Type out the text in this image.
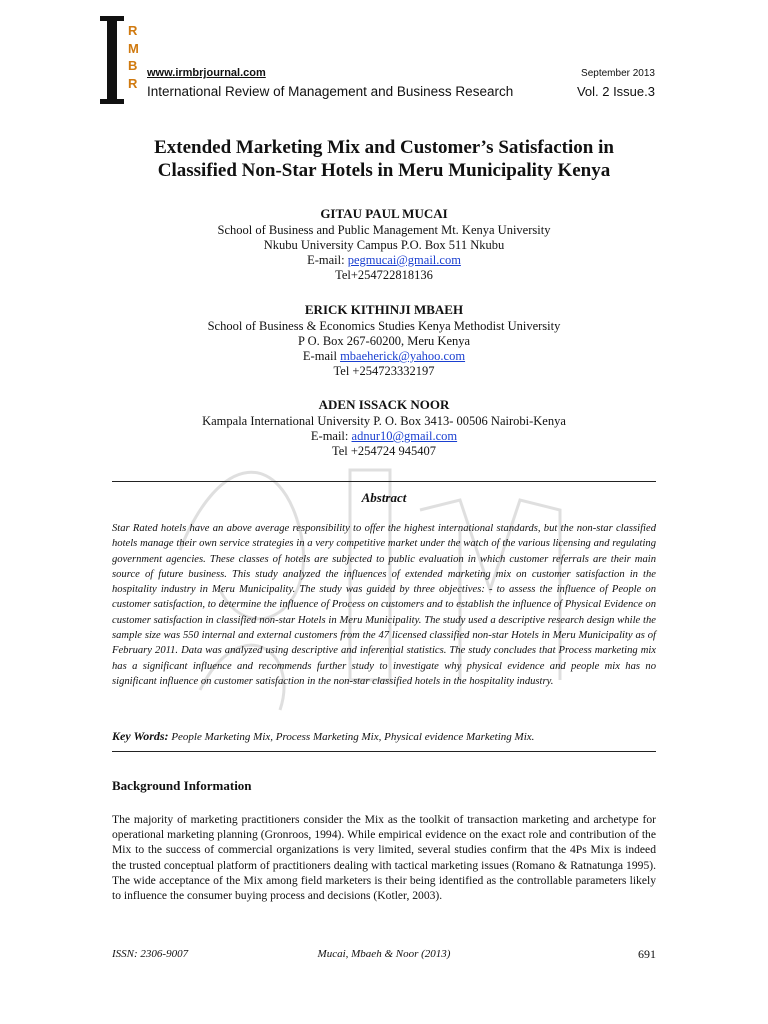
R
M
B
R
www.irmbrjournal.com
International Review of Management and Business Research
September 2013
Vol. 2 Issue.3
Extended Marketing Mix and Customer’s Satisfaction in
Classified Non-Star Hotels in Meru Municipality Kenya
GITAU PAUL MUCAI
School of Business and Public Management Mt. Kenya University
Nkubu University Campus P.O. Box 511 Nkubu
E-mail: pegmucai@gmail.com
Tel+254722818136
ERICK KITHINJI MBAEH
School of Business & Economics Studies Kenya Methodist University
P O. Box 267-60200, Meru Kenya
E-mail mbaeherick@yahoo.com
Tel +254723332197
ADEN ISSACK NOOR
Kampala International University P. O. Box 3413- 00506 Nairobi-Kenya
E-mail: adnur10@gmail.com
Tel +254724 945407
Abstract
Star Rated hotels have an above average responsibility to offer the highest international standards, but the non-star classified hotels manage their own service strategies in a very competitive market under the watch of the various licensing and regulating government agencies. These classes of hotels are subjected to public evaluation in which customer referrals are their main source of future business. This study analyzed the influences of extended marketing mix on customer satisfaction in the hospitality industry in Meru Municipality. The study was guided by three objectives: - to assess the influence of People on customer satisfaction, to determine the influence of Process on customers and to establish the influence of Physical Evidence on customer satisfaction in classified non-star Hotels in Meru Municipality. The study used a descriptive research design while the sample size was 550 internal and external customers from the 47 licensed classified non-star Hotels in Meru Municipality as of February 2011. Data was analyzed using descriptive and inferential statistics. The study concludes that Process marketing mix has a significant influence and recommends further study to investigate why physical evidence and people mix has no significant influence on customer satisfaction in the non-star classified hotels in the hospitality industry.
Key Words: People Marketing Mix, Process Marketing Mix, Physical evidence Marketing Mix.
Background Information
The majority of marketing practitioners consider the Mix as the toolkit of transaction marketing and archetype for operational marketing planning (Gronroos, 1994). While empirical evidence on the exact role and contribution of the Mix to the success of commercial organizations is very limited, several studies confirm that the 4Ps Mix is indeed the trusted conceptual platform of practitioners dealing with tactical marketing issues (Romano & Ratnatunga 1995). The wide acceptance of the Mix among field marketers is their being identified as the controllable parameters likely to influence the consumer buying process and decisions (Kotler, 2003).
ISSN: 2306-9007	Mucai, Mbaeh & Noor (2013)	691
